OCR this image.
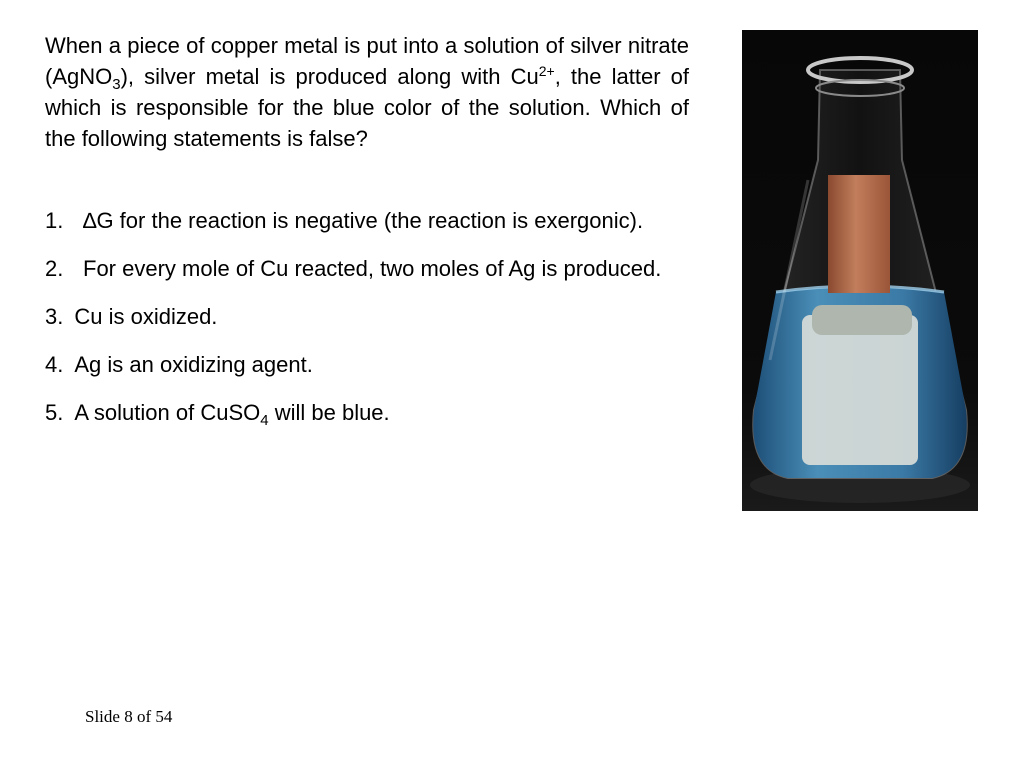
When a piece of copper metal is put into a solution of silver nitrate (AgNO$_3$), silver metal is produced along with $Cu^{2+}$, the latter of which is responsible for the blue color of the solution. Which of the following statements is false?

1. ∆G for the reaction is negative (the reaction is exergonic).
2. For every mole of Cu reacted, two moles of Ag is produced.
3. Cu is oxidized.
4. Ag is an oxidizing agent.
5. A solution of CuSO$_4$ will be blue.
Slide 8 of 54
